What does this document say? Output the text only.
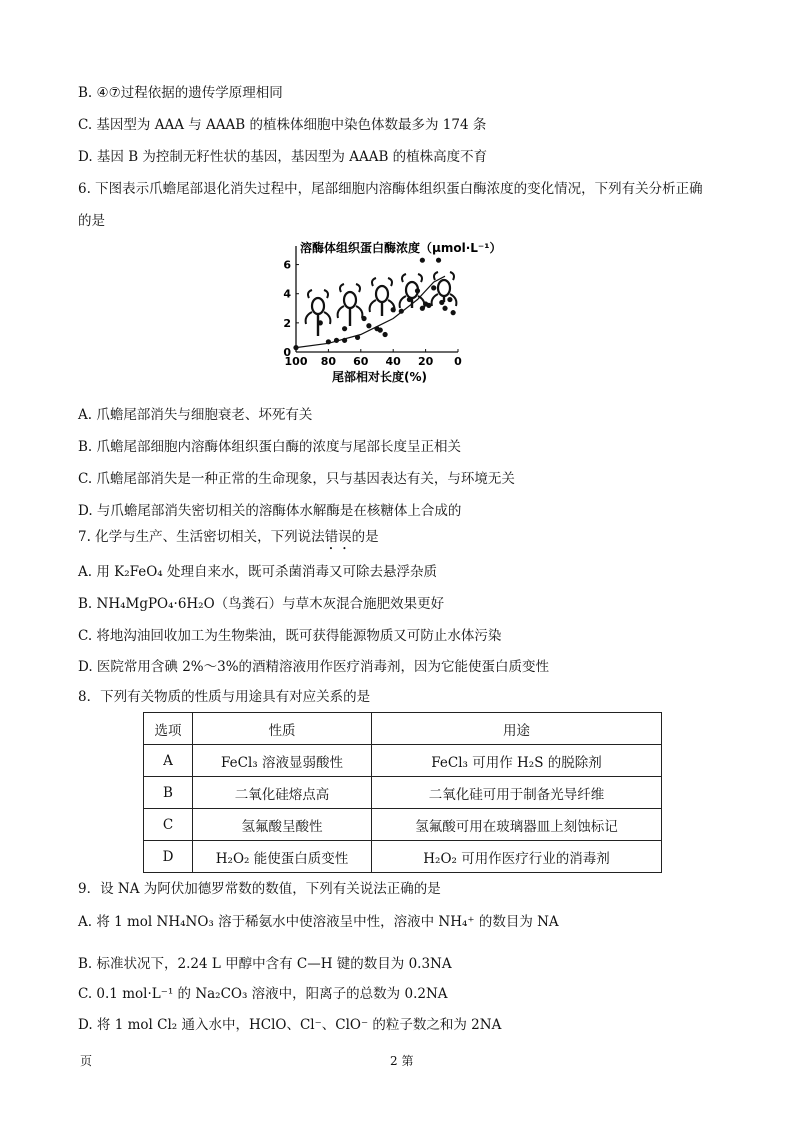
B. ④⑦过程依据的遗传学原理相同
C. 基因型为 AAA 与 AAAB 的植株体细胞中染色体数最多为 174 条
D. 基因 B 为控制无籽性状的基因，基因型为 AAAB 的植株高度不育
6. 下图表示爪蟾尾部退化消失过程中，尾部细胞内溶酶体组织蛋白酶浓度的变化情况，下列有关分析正确
的是
溶酶体组织蛋白酶浓度（μmol·L⁻¹）
100 80 60 40 20 0
0
2
4
6
尾部相对长度(%)
A. 爪蟾尾部消失与细胞衰老、坏死有关
B. 爪蟾尾部细胞内溶酶体组织蛋白酶的浓度与尾部长度呈正相关
C. 爪蟾尾部消失是一种正常的生命现象，只与基因表达有关，与环境无关
D. 与爪蟾尾部消失密切相关的溶酶体水解酶是在核糖体上合成的
7. 化学与生产、生活密切相关，下列说法错误的是
A. 用 K₂FeO₄ 处理自来水，既可杀菌消毒又可除去悬浮杂质
B. NH₄MgPO₄·6H₂O（鸟粪石）与草木灰混合施肥效果更好
C. 将地沟油回收加工为生物柴油，既可获得能源物质又可防止水体污染
D. 医院常用含碘 2%～3%的酒精溶液用作医疗消毒剂，因为它能使蛋白质变性
8．下列有关物质的性质与用途具有对应关系的是
选项	性质	用途
A	FeCl₃ 溶液显弱酸性	FeCl₃ 可用作 H₂S 的脱除剂
B	二氧化硅熔点高	二氧化硅可用于制备光导纤维
C	氢氟酸呈酸性	氢氟酸可用在玻璃器皿上刻蚀标记
D	H₂O₂ 能使蛋白质变性	H₂O₂ 可用作医疗行业的消毒剂
9．设 NA 为阿伏加德罗常数的数值，下列有关说法正确的是
A. 将 1 mol NH₄NO₃ 溶于稀氨水中使溶液呈中性，溶液中 NH₄⁺ 的数目为 NA
B. 标准状况下，2.24 L 甲醇中含有 C—H 键的数目为 0.3NA
C. 0.1 mol·L⁻¹ 的 Na₂CO₃ 溶液中，阳离子的总数为 0.2NA
D. 将 1 mol Cl₂ 通入水中，HClO、Cl⁻、ClO⁻ 的粒子数之和为 2NA
页	2 第
